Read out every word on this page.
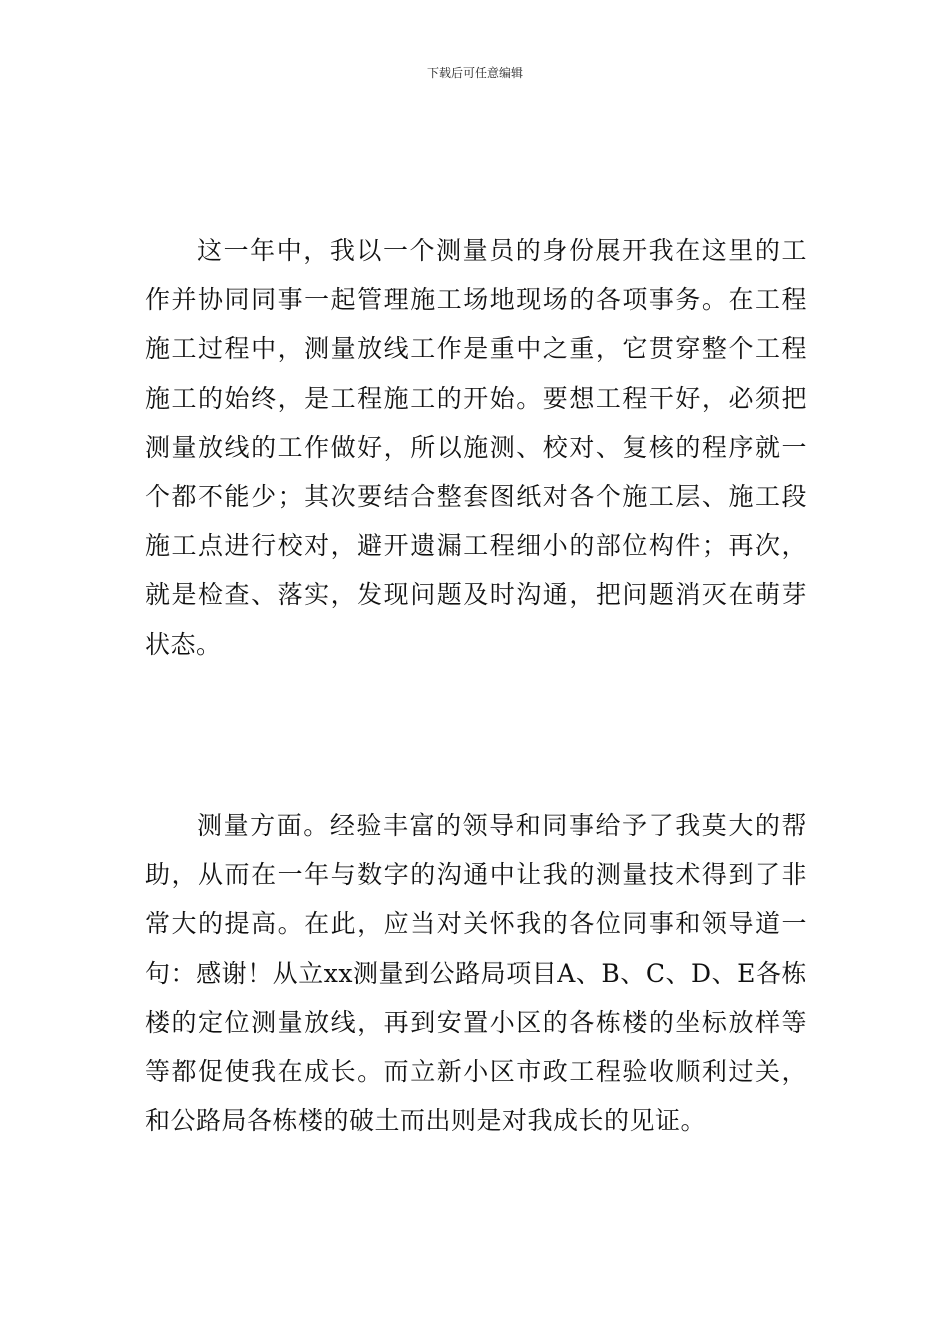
下载后可任意编辑

这一年中，我以一个测量员的身份展开我在这里的工作并协同同事一起管理施工场地现场的各项事务。在工程施工过程中，测量放线工作是重中之重，它贯穿整个工程施工的始终，是工程施工的开始。要想工程干好，必须把测量放线的工作做好，所以施测、校对、复核的程序就一个都不能少；其次要结合整套图纸对各个施工层、施工段施工点进行校对，避开遗漏工程细小的部位构件；再次，就是检查、落实，发现问题及时沟通，把问题消灭在萌芽状态。

测量方面。经验丰富的领导和同事给予了我莫大的帮助，从而在一年与数字的沟通中让我的测量技术得到了非常大的提高。在此，应当对关怀我的各位同事和领导道一句：感谢！从立xx测量到公路局项目A、B、C、D、E各栋楼的定位测量放线，再到安置小区的各栋楼的坐标放样等等都促使我在成长。而立新小区市政工程验收顺利过关，和公路局各栋楼的破土而出则是对我成长的见证。
